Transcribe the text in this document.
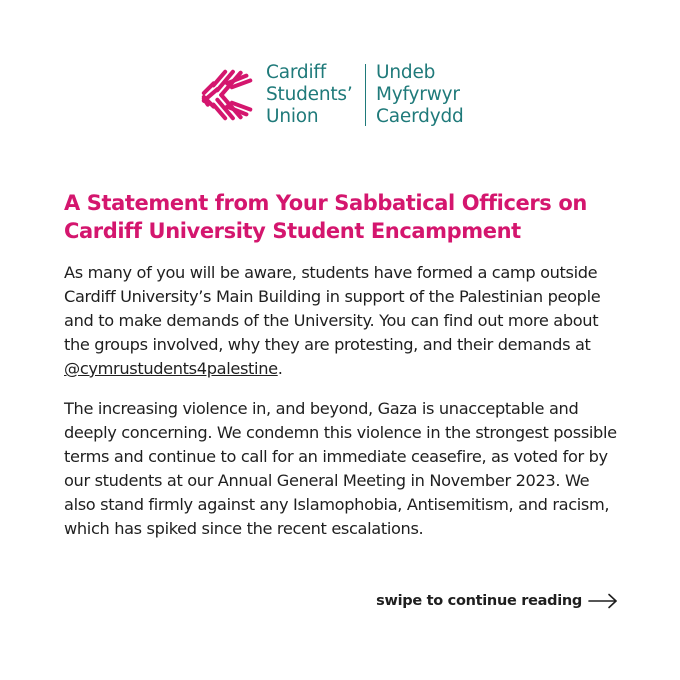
Cardiff
Students’
Union
Undeb
Myfyrwyr
Caerdydd
A Statement from Your Sabbatical Officers on Cardiff University Student Encampment

As many of you will be aware, students have formed a camp outside Cardiff University’s Main Building in support of the Palestinian people and to make demands of the University. You can find out more about the groups involved, why they are protesting, and their demands at @cymrustudents4palestine.

The increasing violence in, and beyond, Gaza is unacceptable and deeply concerning. We condemn this violence in the strongest possible terms and continue to call for an immediate ceasefire, as voted for by our students at our Annual General Meeting in November 2023. We also stand firmly against any Islamophobia, Antisemitism, and racism, which has spiked since the recent escalations.

swipe to continue reading
